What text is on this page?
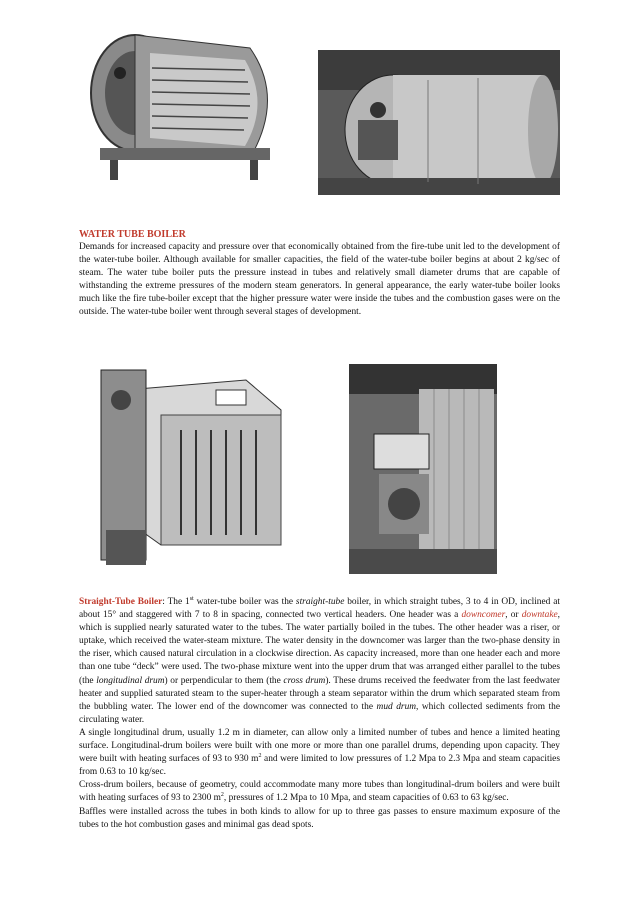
WATER TUBE BOILER

Demands for increased capacity and pressure over that economically obtained from the fire-tube unit led to the development of the water-tube boiler. Although available for smaller capacities, the field of the water-tube boiler begins at about 2 kg/sec of steam. The water tube boiler puts the pressure instead in tubes and relatively small diameter drums that are capable of withstanding the extreme pressures of the modern steam generators. In general appearance, the early water-tube boiler looks much like the fire tube-boiler except that the higher pressure water were inside the tubes and the combustion gases were on the outside. The water-tube boiler went through several stages of development.

Straight-Tube Boiler: The 1st water-tube boiler was the straight-tube boiler, in which straight tubes, 3 to 4 in OD, inclined at about 15° and staggered with 7 to 8 in spacing, connected two vertical headers. One header was a downcomer, or downtake, which is supplied nearly saturated water to the tubes. The water partially boiled in the tubes. The other header was a riser, or uptake, which received the water-steam mixture. The water density in the downcomer was larger than the two-phase density in the riser, which caused natural circulation in a clockwise direction. As capacity increased, more than one header each and more than one tube “deck” were used. The two-phase mixture went into the upper drum that was arranged either parallel to the tubes (the longitudinal drum) or perpendicular to them (the cross drum). These drums received the feedwater from the last feedwater heater and supplied saturated steam to the super-heater through a steam separator within the drum which separated steam from the bubbling water. The lower end of the downcomer was connected to the mud drum, which collected sediments from the circulating water.

A single longitudinal drum, usually 1.2 m in diameter, can allow only a limited number of tubes and hence a limited heating surface. Longitudinal-drum boilers were built with one more or more than one parallel drums, depending upon capacity. They were built with heating surfaces of 93 to 930 $m^2$ and were limited to low pressures of 1.2 Mpa to 2.3 Mpa and steam capacities from 0.63 to 10 kg/sec.

Cross-drum boilers, because of geometry, could accommodate many more tubes than longitudinal-drum boilers and were built with heating surfaces of 93 to 2300 $m^2$, pressures of 1.2 Mpa to 10 Mpa, and steam capacities of 0.63 to 63 kg/sec.

Baffles were installed across the tubes in both kinds to allow for up to three gas passes to ensure maximum exposure of the tubes to the hot combustion gases and minimal gas dead spots.
